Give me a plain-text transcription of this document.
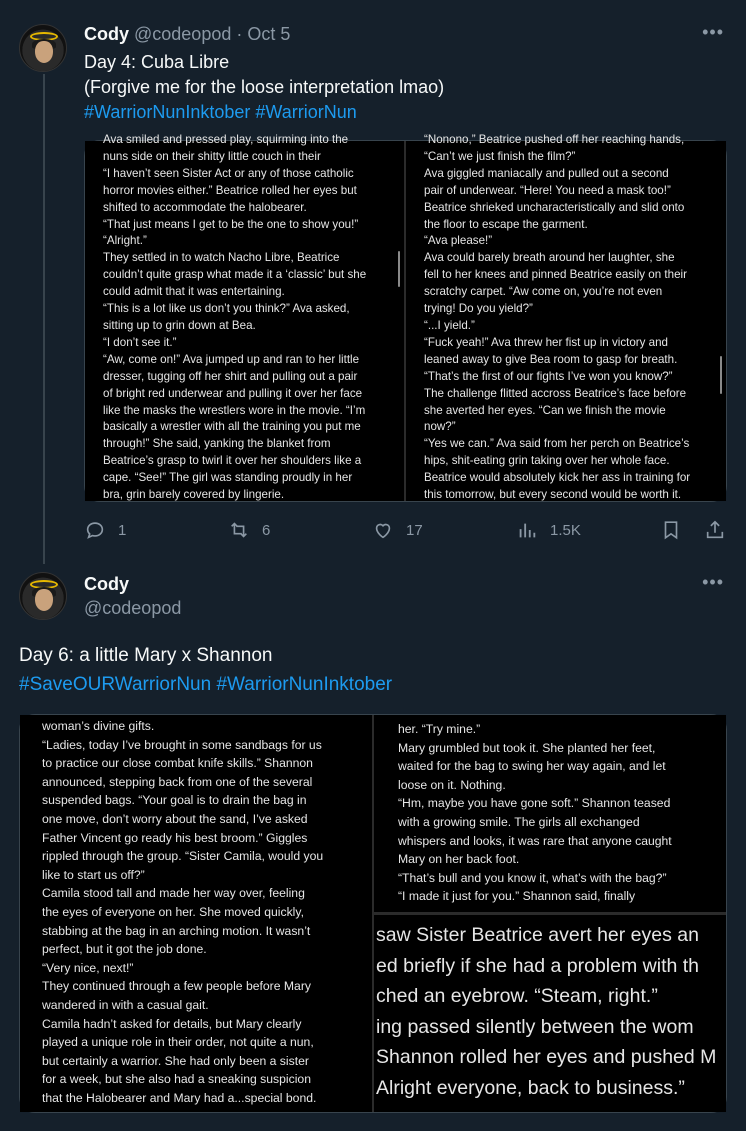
Cody @codeopod · Oct 5	•••
Day 4: Cuba Libre
(Forgive me for the loose interpretation lmao)
#WarriorNunInktober #WarriorNun

Ava smiled and pressed play, squirming into the

nuns side on their shitty little couch in their

“I haven’t seen Sister Act or any of those catholic

horror movies either.” Beatrice rolled her eyes but

shifted to accommodate the halobearer.

“That just means I get to be the one to show you!”

“Alright.”

They settled in to watch Nacho Libre, Beatrice

couldn’t quite grasp what made it a ‘classic’ but she

could admit that it was entertaining.

“This is a lot like us don’t you think?” Ava asked,

sitting up to grin down at Bea.

“I don’t see it.”

“Aw, come on!” Ava jumped up and ran to her little

dresser, tugging off her shirt and pulling out a pair

of bright red underwear and pulling it over her face

like the masks the wrestlers wore in the movie. “I’m

basically a wrestler with all the training you put me

through!” She said, yanking the blanket from

Beatrice’s grasp to twirl it over her shoulders like a

cape. “See!” The girl was standing proudly in her

bra, grin barely covered by lingerie.

“Nonono,” Beatrice pushed off her reaching hands,

“Can’t we just finish the film?”

Ava giggled maniacally and pulled out a second

pair of underwear. “Here! You need a mask too!”

Beatrice shrieked uncharacteristically and slid onto

the floor to escape the garment.

“Ava please!”

Ava could barely breath around her laughter, she

fell to her knees and pinned Beatrice easily on their

scratchy carpet. “Aw come on, you’re not even

trying! Do you yield?”

“...I yield.”

“Fuck yeah!” Ava threw her fist up in victory and

leaned away to give Bea room to gasp for breath.

“That’s the first of our fights I’ve won you know?”

The challenge flitted accross Beatrice’s face before

she averted her eyes. “Can we finish the movie

now?”

“Yes we can.” Ava said from her perch on Beatrice’s

hips, shit-eating grin taking over her whole face.

Beatrice would absolutely kick her ass in training for

this tomorrow, but every second would be worth it.

1	6	17	1.5K
Cody
@codeopod
•••
Day 6: a little Mary x Shannon
#SaveOURWarriorNun #WarriorNunInktober

woman’s divine gifts.

“Ladies, today I’ve brought in some sandbags for us

to practice our close combat knife skills.” Shannon

announced, stepping back from one of the several

suspended bags. “Your goal is to drain the bag in

one move, don’t worry about the sand, I’ve asked

Father Vincent go ready his best broom.” Giggles

rippled through the group. “Sister Camila, would you

like to start us off?”

Camila stood tall and made her way over, feeling

the eyes of everyone on her. She moved quickly,

stabbing at the bag in an arching motion. It wasn’t

perfect, but it got the job done.

“Very nice, next!”

They continued through a few people before Mary

wandered in with a casual gait.

Camila hadn’t asked for details, but Mary clearly

played a unique role in their order, not quite a nun,

but certainly a warrior. She had only been a sister

for a week, but she also had a sneaking suspicion

that the Halobearer and Mary had a...special bond.

her. “Try mine.”

Mary grumbled but took it. She planted her feet,

waited for the bag to swing her way again, and let

loose on it. Nothing.

“Hm, maybe you have gone soft.” Shannon teased

with a growing smile. The girls all exchanged

whispers and looks, it was rare that anyone caught

Mary on her back foot.

“That’s bull and you know it, what’s with the bag?”

“I made it just for you.” Shannon said, finally

saw Sister Beatrice avert her eyes an

ed briefly if she had a problem with th

ched an eyebrow. “Steam, right.”

ing passed silently between the wom

Shannon rolled her eyes and pushed M

Alright everyone, back to business.”
